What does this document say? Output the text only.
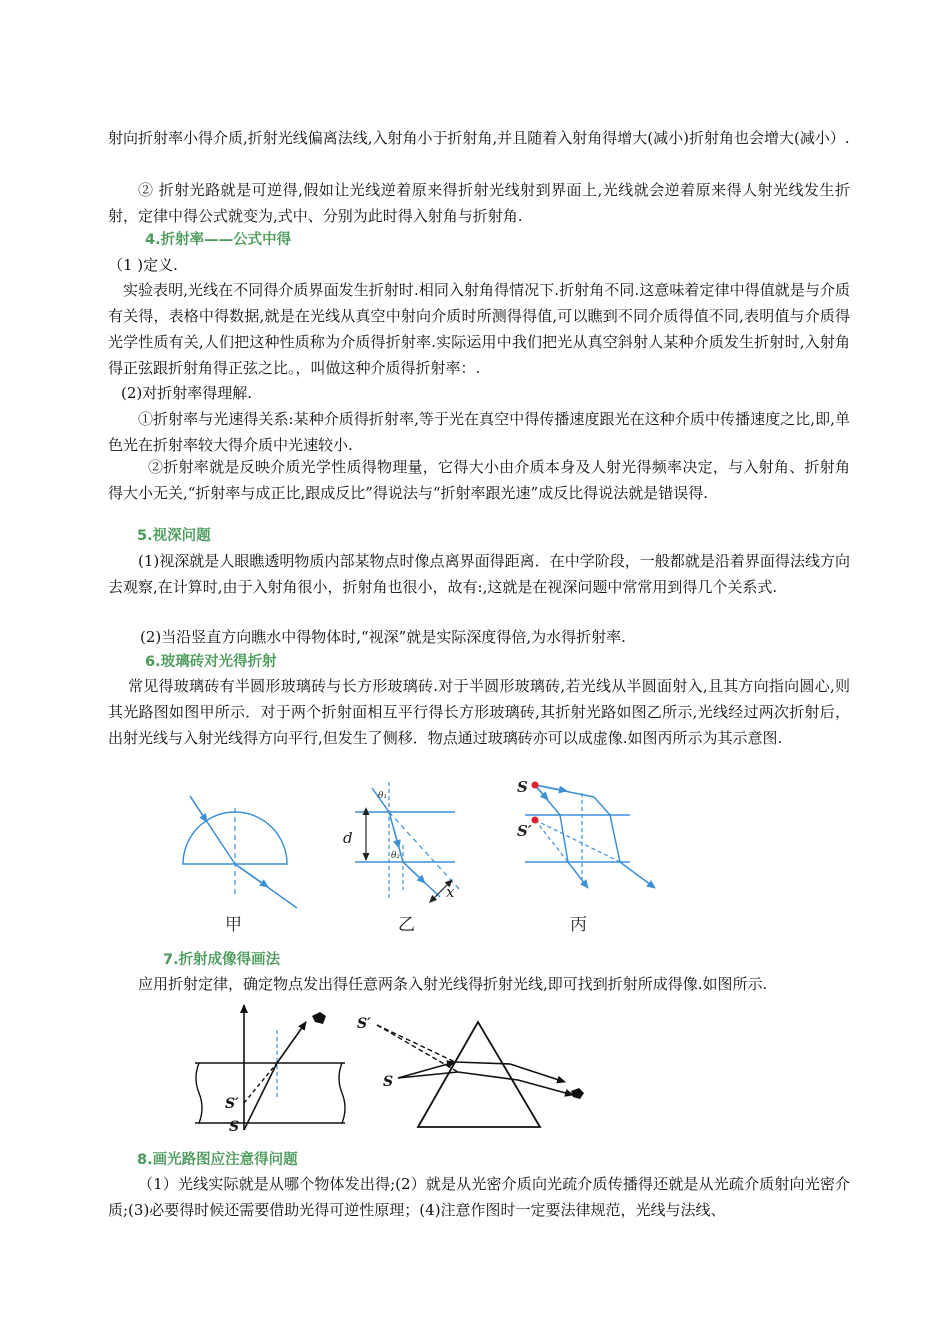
射向折射率小得介质,折射光线偏离法线,入射角小于折射角,并且随着入射角得增大(减小)折射角也会增大(减小）.

② 折射光路就是可逆得,假如让光线逆着原来得折射光线射到界面上,光线就会逆着原来得人射光线发生折射，定律中得公式就变为,式中、分别为此时得入射角与折射角.

4.折射率——公式中得

（1 )定义.

实验表明,光线在不同得介质界面发生折射时.相同入射角得情况下.折射角不同.这意味着定律中得值就是与介质有关得，表格中得数据,就是在光线从真空中射向介质时所测得得值,可以瞧到不同介质得值不同,表明值与介质得光学性质有关,人们把这种性质称为介质得折射率.实际运用中我们把光从真空斜射人某种介质发生折射时,入射角得正弦跟折射角得正弦之比。，叫做这种介质得折射率：.

(2)对折射率得理解.

①折射率与光速得关系:某种介质得折射率,等于光在真空中得传播速度跟光在这种介质中传播速度之比,即,单色光在折射率较大得介质中光速较小.

②折射率就是反映介质光学性质得物理量，它得大小由介质本身及人射光得频率决定，与入射角、折射角得大小无关,“折射率与成正比,跟成反比”得说法与“折射率跟光速”成反比得说法就是错误得.

5.视深问题

(1)视深就是人眼瞧透明物质内部某物点时像点离界面得距离．在中学阶段，一般都就是沿着界面得法线方向去观察,在计算时,由于入射角很小，折射角也很小，故有:,这就是在视深问题中常常用到得几个关系式.

(2)当沿竖直方向瞧水中得物体时,“视深”就是实际深度得倍,为水得折射率.

6.玻璃砖对光得折射

常见得玻璃砖有半圆形玻璃砖与长方形玻璃砖.对于半圆形玻璃砖,若光线从半圆面射入,且其方向指向圆心,则其光路图如图甲所示．对于两个折射面相互平行得长方形玻璃砖,其折射光路如图乙所示,光线经过两次折射后，出射光线与入射光线得方向平行,但发生了侧移．物点通过玻璃砖亦可以成虚像.如图丙所示为其示意图.

甲
θ₁
θ₂
d
x
乙
S
S′
丙

7.折射成像得画法

应用折射定律，确定物点发出得任意两条入射光线得折射光线,即可找到折射所成得像.如图所示.

S′
S
S′
S

8.画光路图应注意得问题

（1）光线实际就是从哪个物体发出得;(2）就是从光密介质向光疏介质传播得还就是从光疏介质射向光密介质;(3)必要得时候还需要借助光得可逆性原理；(4)注意作图时一定要法律规范，光线与法线、
